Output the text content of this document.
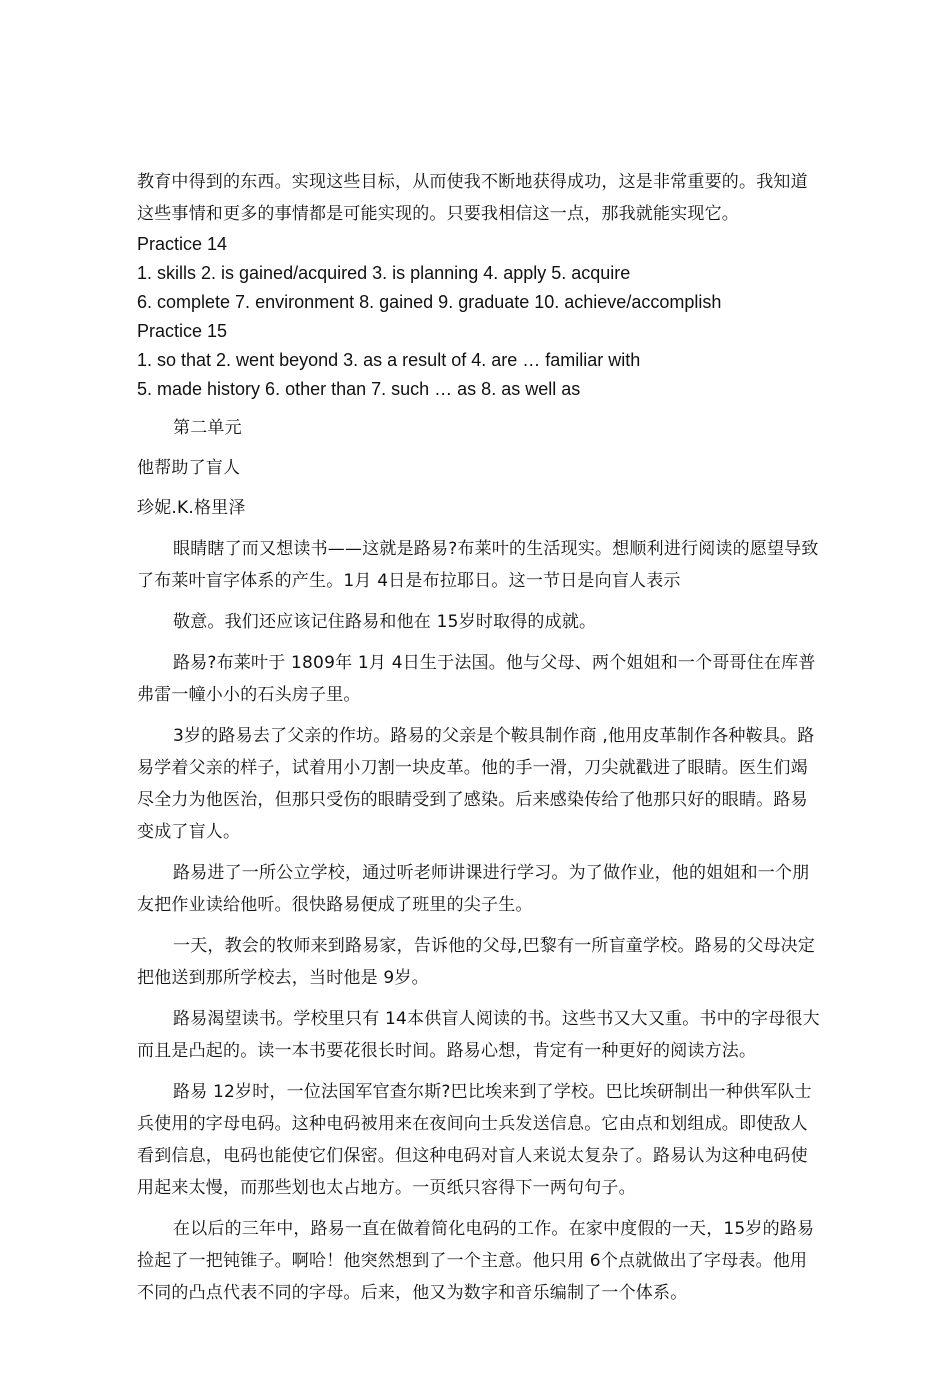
教育中得到的东西。实现这些目标，从而使我不断地获得成功，这是非常重要的。我知道这些事情和更多的事情都是可能实现的。只要我相信这一点，那我就能实现它。

Practice 14

1. skills 2. is gained/acquired 3. is planning 4. apply 5. acquire

6. complete 7. environment 8. gained 9. graduate 10. achieve/accomplish

Practice 15

1. so that 2. went beyond 3. as a result of 4. are … familiar with

5. made history 6. other than 7. such … as 8. as well as

第二单元

他帮助了盲人

珍妮.K.格里泽

眼睛瞎了而又想读书——这就是路易?布莱叶的生活现实。想顺利进行阅读的愿望导致了布莱叶盲字体系的产生。1月 4日是布拉耶日。这一节日是向盲人表示

敬意。我们还应该记住路易和他在 15岁时取得的成就。

路易?布莱叶于 1809年 1月 4日生于法国。他与父母、两个姐姐和一个哥哥住在库普弗雷一幢小小的石头房子里。

3岁的路易去了父亲的作坊。路易的父亲是个鞍具制作商 ,他用皮革制作各种鞍具。路易学着父亲的样子，试着用小刀割一块皮革。他的手一滑，刀尖就戳进了眼睛。医生们竭尽全力为他医治，但那只受伤的眼睛受到了感染。后来感染传给了他那只好的眼睛。路易变成了盲人。

路易进了一所公立学校，通过听老师讲课进行学习。为了做作业，他的姐姐和一个朋友把作业读给他听。很快路易便成了班里的尖子生。

一天，教会的牧师来到路易家，告诉他的父母,巴黎有一所盲童学校。路易的父母决定把他送到那所学校去，当时他是 9岁。

路易渴望读书。学校里只有 14本供盲人阅读的书。这些书又大又重。书中的字母很大而且是凸起的。读一本书要花很长时间。路易心想，肯定有一种更好的阅读方法。

路易 12岁时，一位法国军官查尔斯?巴比埃来到了学校。巴比埃研制出一种供军队士兵使用的字母电码。这种电码被用来在夜间向士兵发送信息。它由点和划组成。即使敌人看到信息，电码也能使它们保密。但这种电码对盲人来说太复杂了。路易认为这种电码使用起来太慢，而那些划也太占地方。一页纸只容得下一两句句子。

在以后的三年中，路易一直在做着简化电码的工作。在家中度假的一天，15岁的路易捡起了一把钝锥子。啊哈！他突然想到了一个主意。他只用 6个点就做出了字母表。他用不同的凸点代表不同的字母。后来，他又为数字和音乐编制了一个体系。
